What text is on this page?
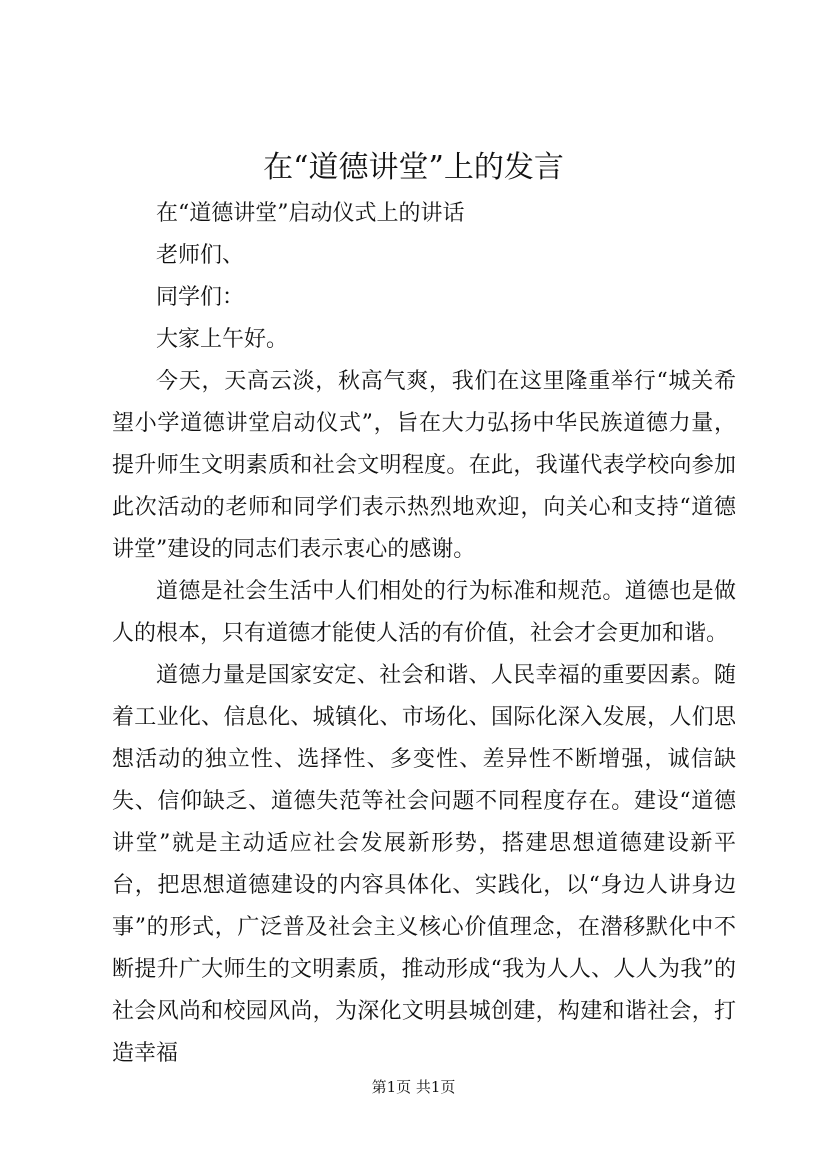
在“道德讲堂”上的发言

在“道德讲堂”启动仪式上的讲话

老师们、

同学们：

大家上午好。

今天，天高云淡，秋高气爽，我们在这里隆重举行“城关希望小学道德讲堂启动仪式”，旨在大力弘扬中华民族道德力量，提升师生文明素质和社会文明程度。在此，我谨代表学校向参加此次活动的老师和同学们表示热烈地欢迎，向关心和支持“道德讲堂”建设的同志们表示衷心的感谢。

道德是社会生活中人们相处的行为标准和规范。道德也是做人的根本，只有道德才能使人活的有价值，社会才会更加和谐。

道德力量是国家安定、社会和谐、人民幸福的重要因素。随着工业化、信息化、城镇化、市场化、国际化深入发展，人们思想活动的独立性、选择性、多变性、差异性不断增强，诚信缺失、信仰缺乏、道德失范等社会问题不同程度存在。建设“道德讲堂”就是主动适应社会发展新形势，搭建思想道德建设新平台，把思想道德建设的内容具体化、实践化，以“身边人讲身边事”的形式，广泛普及社会主义核心价值理念，在潜移默化中不断提升广大师生的文明素质，推动形成“我为人人、人人为我”的社会风尚和校园风尚，为深化文明县城创建，构建和谐社会，打造幸福

第1页 共1页
